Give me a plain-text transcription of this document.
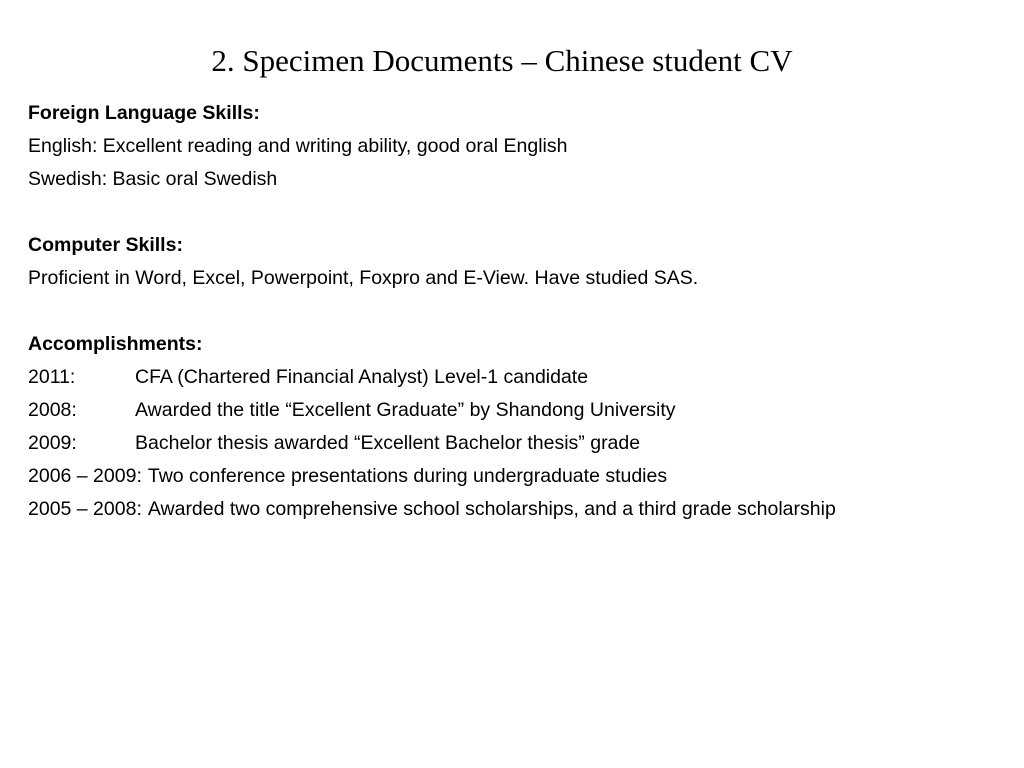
2. Specimen Documents – Chinese student CV
Foreign Language Skills:
English: Excellent reading and writing ability, good oral English
Swedish: Basic oral Swedish
Computer Skills:
Proficient in Word, Excel, Powerpoint, Foxpro and E-View. Have studied SAS.
Accomplishments:
2011:	CFA (Chartered Financial Analyst) Level-1 candidate
2008:	Awarded the title “Excellent Graduate” by Shandong University
2009:	Bachelor thesis awarded “Excellent Bachelor thesis” grade
2006 – 2009: Two conference presentations during undergraduate studies
2005 – 2008: Awarded two comprehensive school scholarships, and a third grade scholarship
